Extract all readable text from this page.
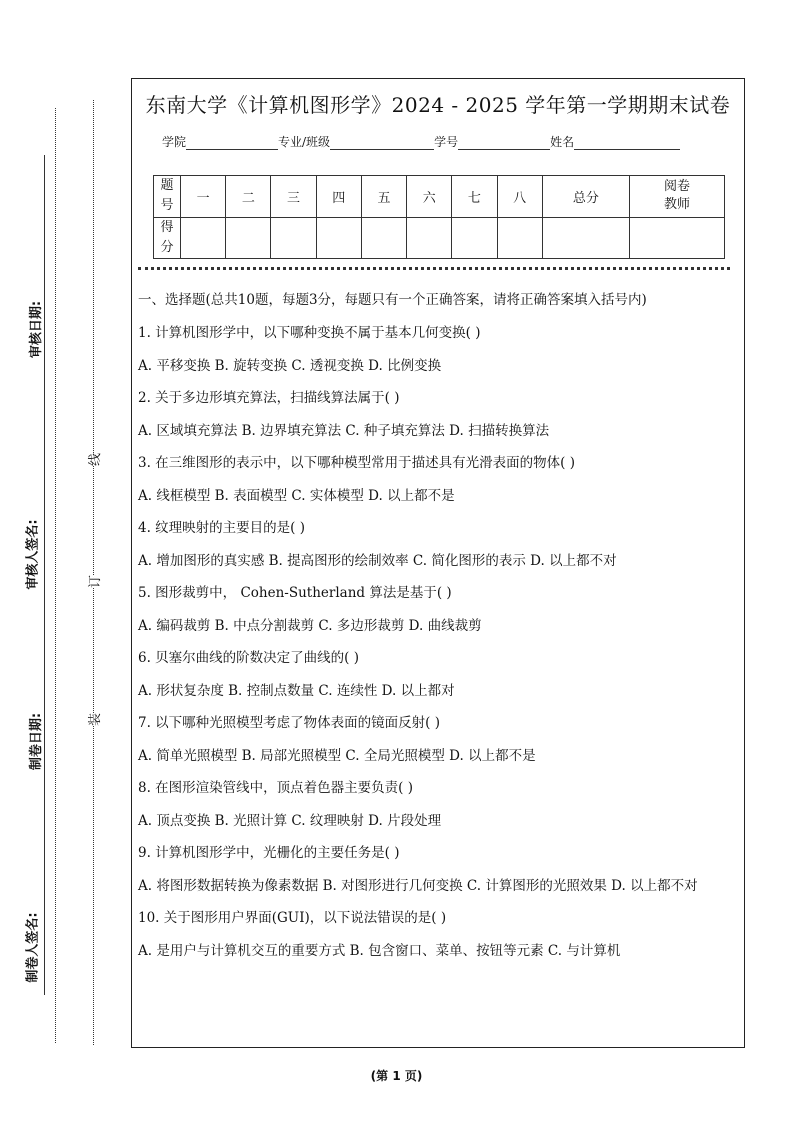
审核日期:
审核人签名:
制卷日期:
制卷人签名:
线
订
装
东南大学《计算机图形学》2024 - 2025 学年第一学期期末试卷
学院	专业/班级	学号	姓名
题
号	一	二	三	四	五	六	七	八	总分	阅卷
教师
得
分										

一、选择题(总共10题，每题3分，每题只有一个正确答案，请将正确答案填入括号内)

1. 计算机图形学中，以下哪种变换不属于基本几何变换( )

A. 平移变换 B. 旋转变换 C. 透视变换 D. 比例变换

2. 关于多边形填充算法，扫描线算法属于( )

A. 区域填充算法 B. 边界填充算法 C. 种子填充算法 D. 扫描转换算法

3. 在三维图形的表示中，以下哪种模型常用于描述具有光滑表面的物体( )

A. 线框模型 B. 表面模型 C. 实体模型 D. 以上都不是

4. 纹理映射的主要目的是( )

A. 增加图形的真实感 B. 提高图形的绘制效率 C. 简化图形的表示 D. 以上都不对

5. 图形裁剪中， Cohen-Sutherland 算法是基于( )

A. 编码裁剪 B. 中点分割裁剪 C. 多边形裁剪 D. 曲线裁剪

6. 贝塞尔曲线的阶数决定了曲线的( )

A. 形状复杂度 B. 控制点数量 C. 连续性 D. 以上都对

7. 以下哪种光照模型考虑了物体表面的镜面反射( )

A. 简单光照模型 B. 局部光照模型 C. 全局光照模型 D. 以上都不是

8. 在图形渲染管线中，顶点着色器主要负责( )

A. 顶点变换 B. 光照计算 C. 纹理映射 D. 片段处理

9. 计算机图形学中，光栅化的主要任务是( )

A. 将图形数据转换为像素数据 B. 对图形进行几何变换 C. 计算图形的光照效果 D. 以上都不对

10. 关于图形用户界面(GUI)，以下说法错误的是( )

A. 是用户与计算机交互的重要方式 B. 包含窗口、菜单、按钮等元素 C. 与计算机

(第 1 页)
